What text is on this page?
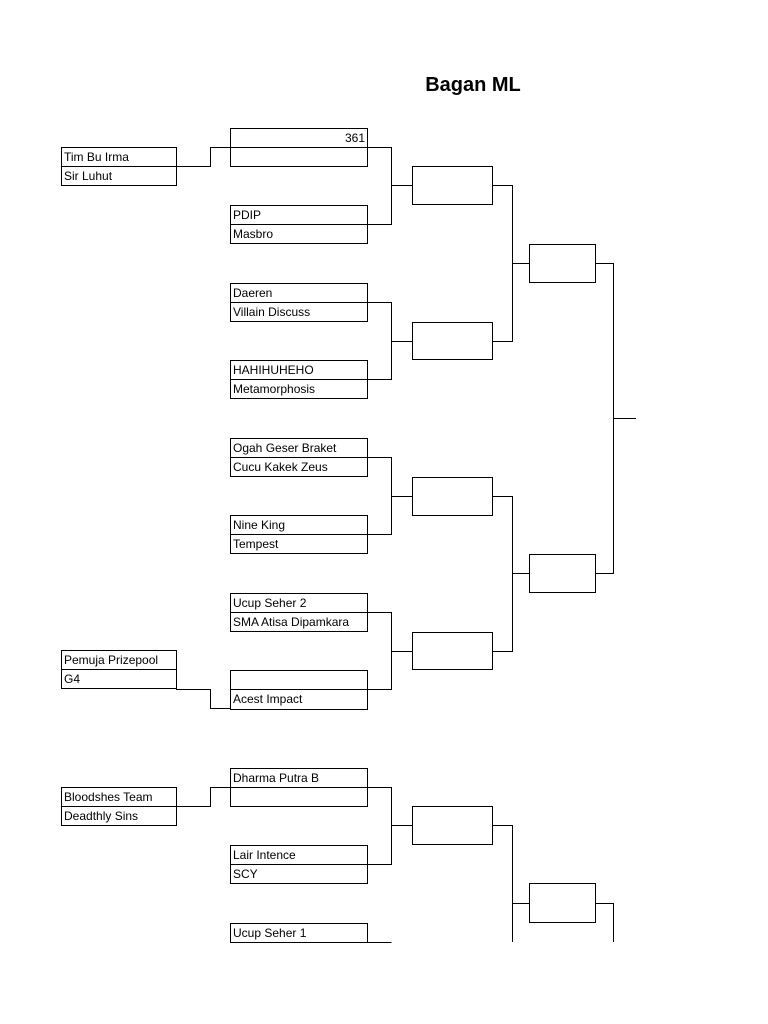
Bagan ML
Tim Bu Irma
Sir Luhut
Pemuja Prizepool
G4
Bloodshes Team
Deadthly Sins
361
PDIP
Masbro
Daeren
Villain Discuss
HAHIHUHEHO
Metamorphosis
Ogah Geser Braket
Cucu Kakek Zeus
Nine King
Tempest
Ucup Seher 2
SMA Atisa Dipamkara
Acest Impact
Dharma Putra B
Lair Intence
SCY
Ucup Seher 1
